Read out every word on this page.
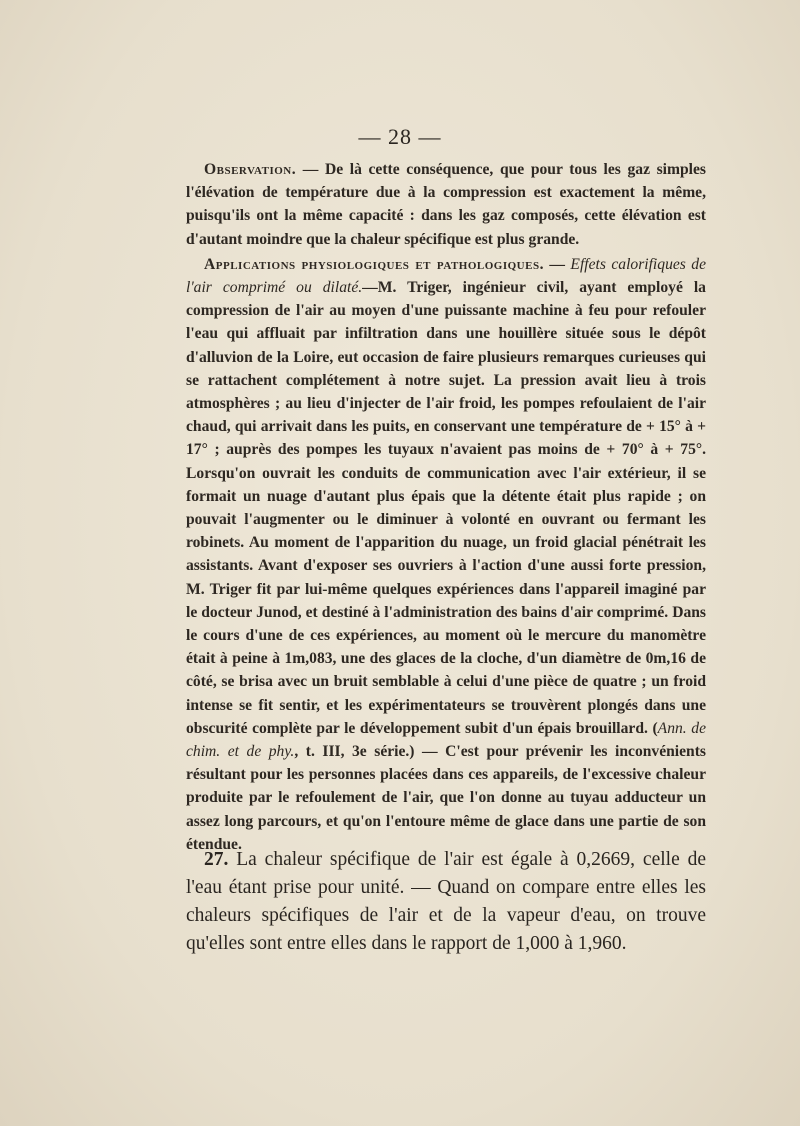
— 28 —

Observation. — De là cette conséquence, que pour tous les gaz simples l'élévation de température due à la compression est exactement la même, puisqu'ils ont la même capacité : dans les gaz composés, cette élévation est d'autant moindre que la chaleur spécifique est plus grande.

Applications physiologiques et pathologiques. — Effets calorifiques de l'air comprimé ou dilaté.—M. Triger, ingénieur civil, ayant employé la compression de l'air au moyen d'une puissante machine à feu pour refouler l'eau qui affluait par infiltration dans une houillère située sous le dépôt d'alluvion de la Loire, eut occasion de faire plusieurs remarques curieuses qui se rattachent complétement à notre sujet. La pression avait lieu à trois atmosphères ; au lieu d'injecter de l'air froid, les pompes refoulaient de l'air chaud, qui arrivait dans les puits, en conservant une température de + 15° à + 17° ; auprès des pompes les tuyaux n'avaient pas moins de + 70° à + 75°. Lorsqu'on ouvrait les conduits de communication avec l'air extérieur, il se formait un nuage d'autant plus épais que la détente était plus rapide ; on pouvait l'augmenter ou le diminuer à volonté en ouvrant ou fermant les robinets. Au moment de l'apparition du nuage, un froid glacial pénétrait les assistants. Avant d'exposer ses ouvriers à l'action d'une aussi forte pression, M. Triger fit par lui-même quelques expériences dans l'appareil imaginé par le docteur Junod, et destiné à l'administration des bains d'air comprimé. Dans le cours d'une de ces expériences, au moment où le mercure du manomètre était à peine à 1m,083, une des glaces de la cloche, d'un diamètre de 0m,16 de côté, se brisa avec un bruit semblable à celui d'une pièce de quatre ; un froid intense se fit sentir, et les expérimentateurs se trouvèrent plongés dans une obscurité complète par le développement subit d'un épais brouillard. (Ann. de chim. et de phy., t. III, 3e série.) — C'est pour prévenir les inconvénients résultant pour les personnes placées dans ces appareils, de l'excessive chaleur produite par le refoulement de l'air, que l'on donne au tuyau adducteur un assez long parcours, et qu'on l'entoure même de glace dans une partie de son étendue.

27. La chaleur spécifique de l'air est égale à 0,2669, celle de l'eau étant prise pour unité. — Quand on compare entre elles les chaleurs spécifiques de l'air et de la vapeur d'eau, on trouve qu'elles sont entre elles dans le rapport de 1,000 à 1,960.
